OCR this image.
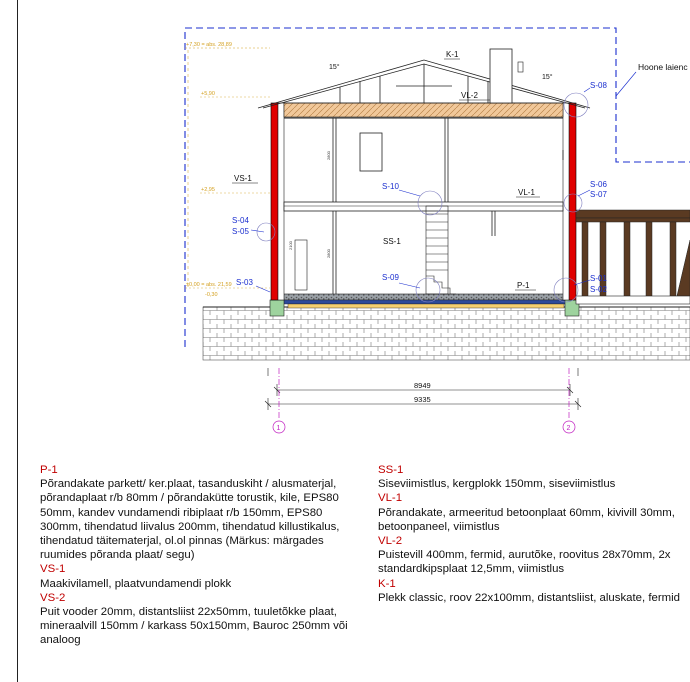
Hoone laienc
+7,30 = abs. 28,89
+5,90
+2,95
±0,00 = abs. 21,59
-0,30
2800
2800
2100
K-1
VL-2
VL-1
VS-1
SS-1
P-1
15°
15°
S-08
S-06
S-07
S-10
S-04
S-05
S-03
S-09	S-01
S-02
8949
9335
1	2
P-1
Põrandakate parkett/ ker.plaat, tasanduskiht / alusmaterjal, põrandaplaat r/b 80mm / põrandakütte torustik, kile, EPS80 50mm, kandev vundamendi ribiplaat r/b 150mm, EPS80 300mm, tihendatud liivalus 200mm, tihendatud killustikalus, tihendatud täitematerjal, ol.ol pinnas (Märkus: märgades ruumides põranda plaat/ segu)
VS-1
Maakivilamell, plaatvundamendi plokk
VS-2
Puit vooder 20mm, distantsliist 22x50mm, tuuletõkke plaat, mineraalvill 150mm / karkass 50x150mm, Bauroc 250mm või analoog
SS-1
Siseviimistlus, kergplokk 150mm, siseviimistlus
VL-1
Põrandakate, armeeritud betoonplaat 60mm, kivivill 30mm, betoonpaneel, viimistlus
VL-2
Puistevill 400mm, fermid, aurutõke, roovitus 28x70mm, 2x standardkipsplaat 12,5mm, viimistlus
K-1
Plekk classic, roov 22x100mm, distantsliist, aluskate, fermid
